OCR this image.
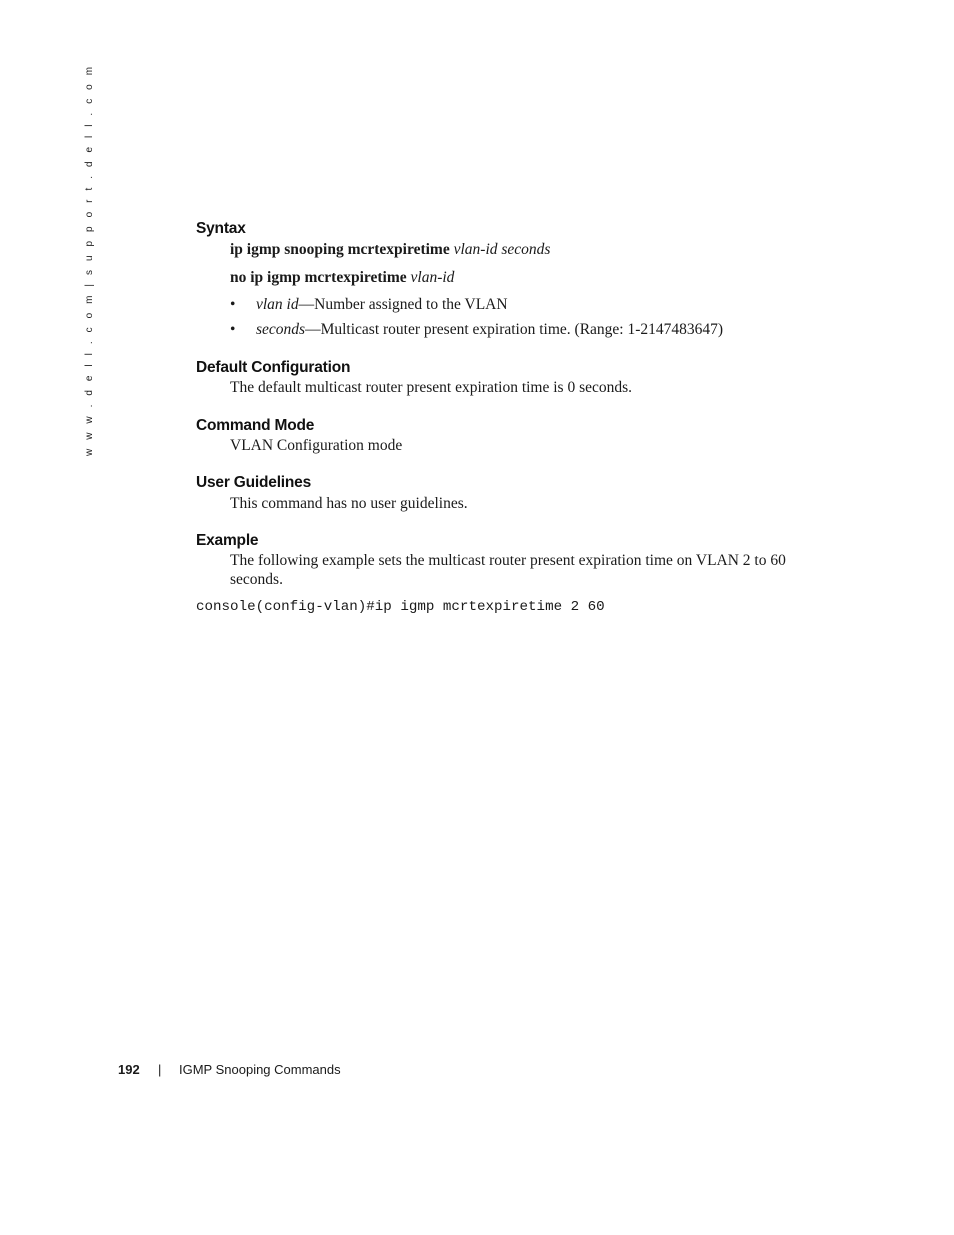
w w w . d e l l . c o m | s u p p o r t . d e l l . c o m	Syntax
ip igmp snooping mcrtexpiretime vlan-id seconds
no ip igmp mcrtexpiretime vlan-id
• vlan id—Number assigned to the VLAN
• seconds—Multicast router present expiration time. (Range: 1-2147483647)
Default Configuration
The default multicast router present expiration time is 0 seconds.
Command Mode
VLAN Configuration mode
User Guidelines
This command has no user guidelines.
Example
The following example sets the multicast router present expiration time on VLAN 2 to 60 seconds.
console(config-vlan)#ip igmp mcrtexpiretime 2 60
192 | IGMP Snooping Commands
